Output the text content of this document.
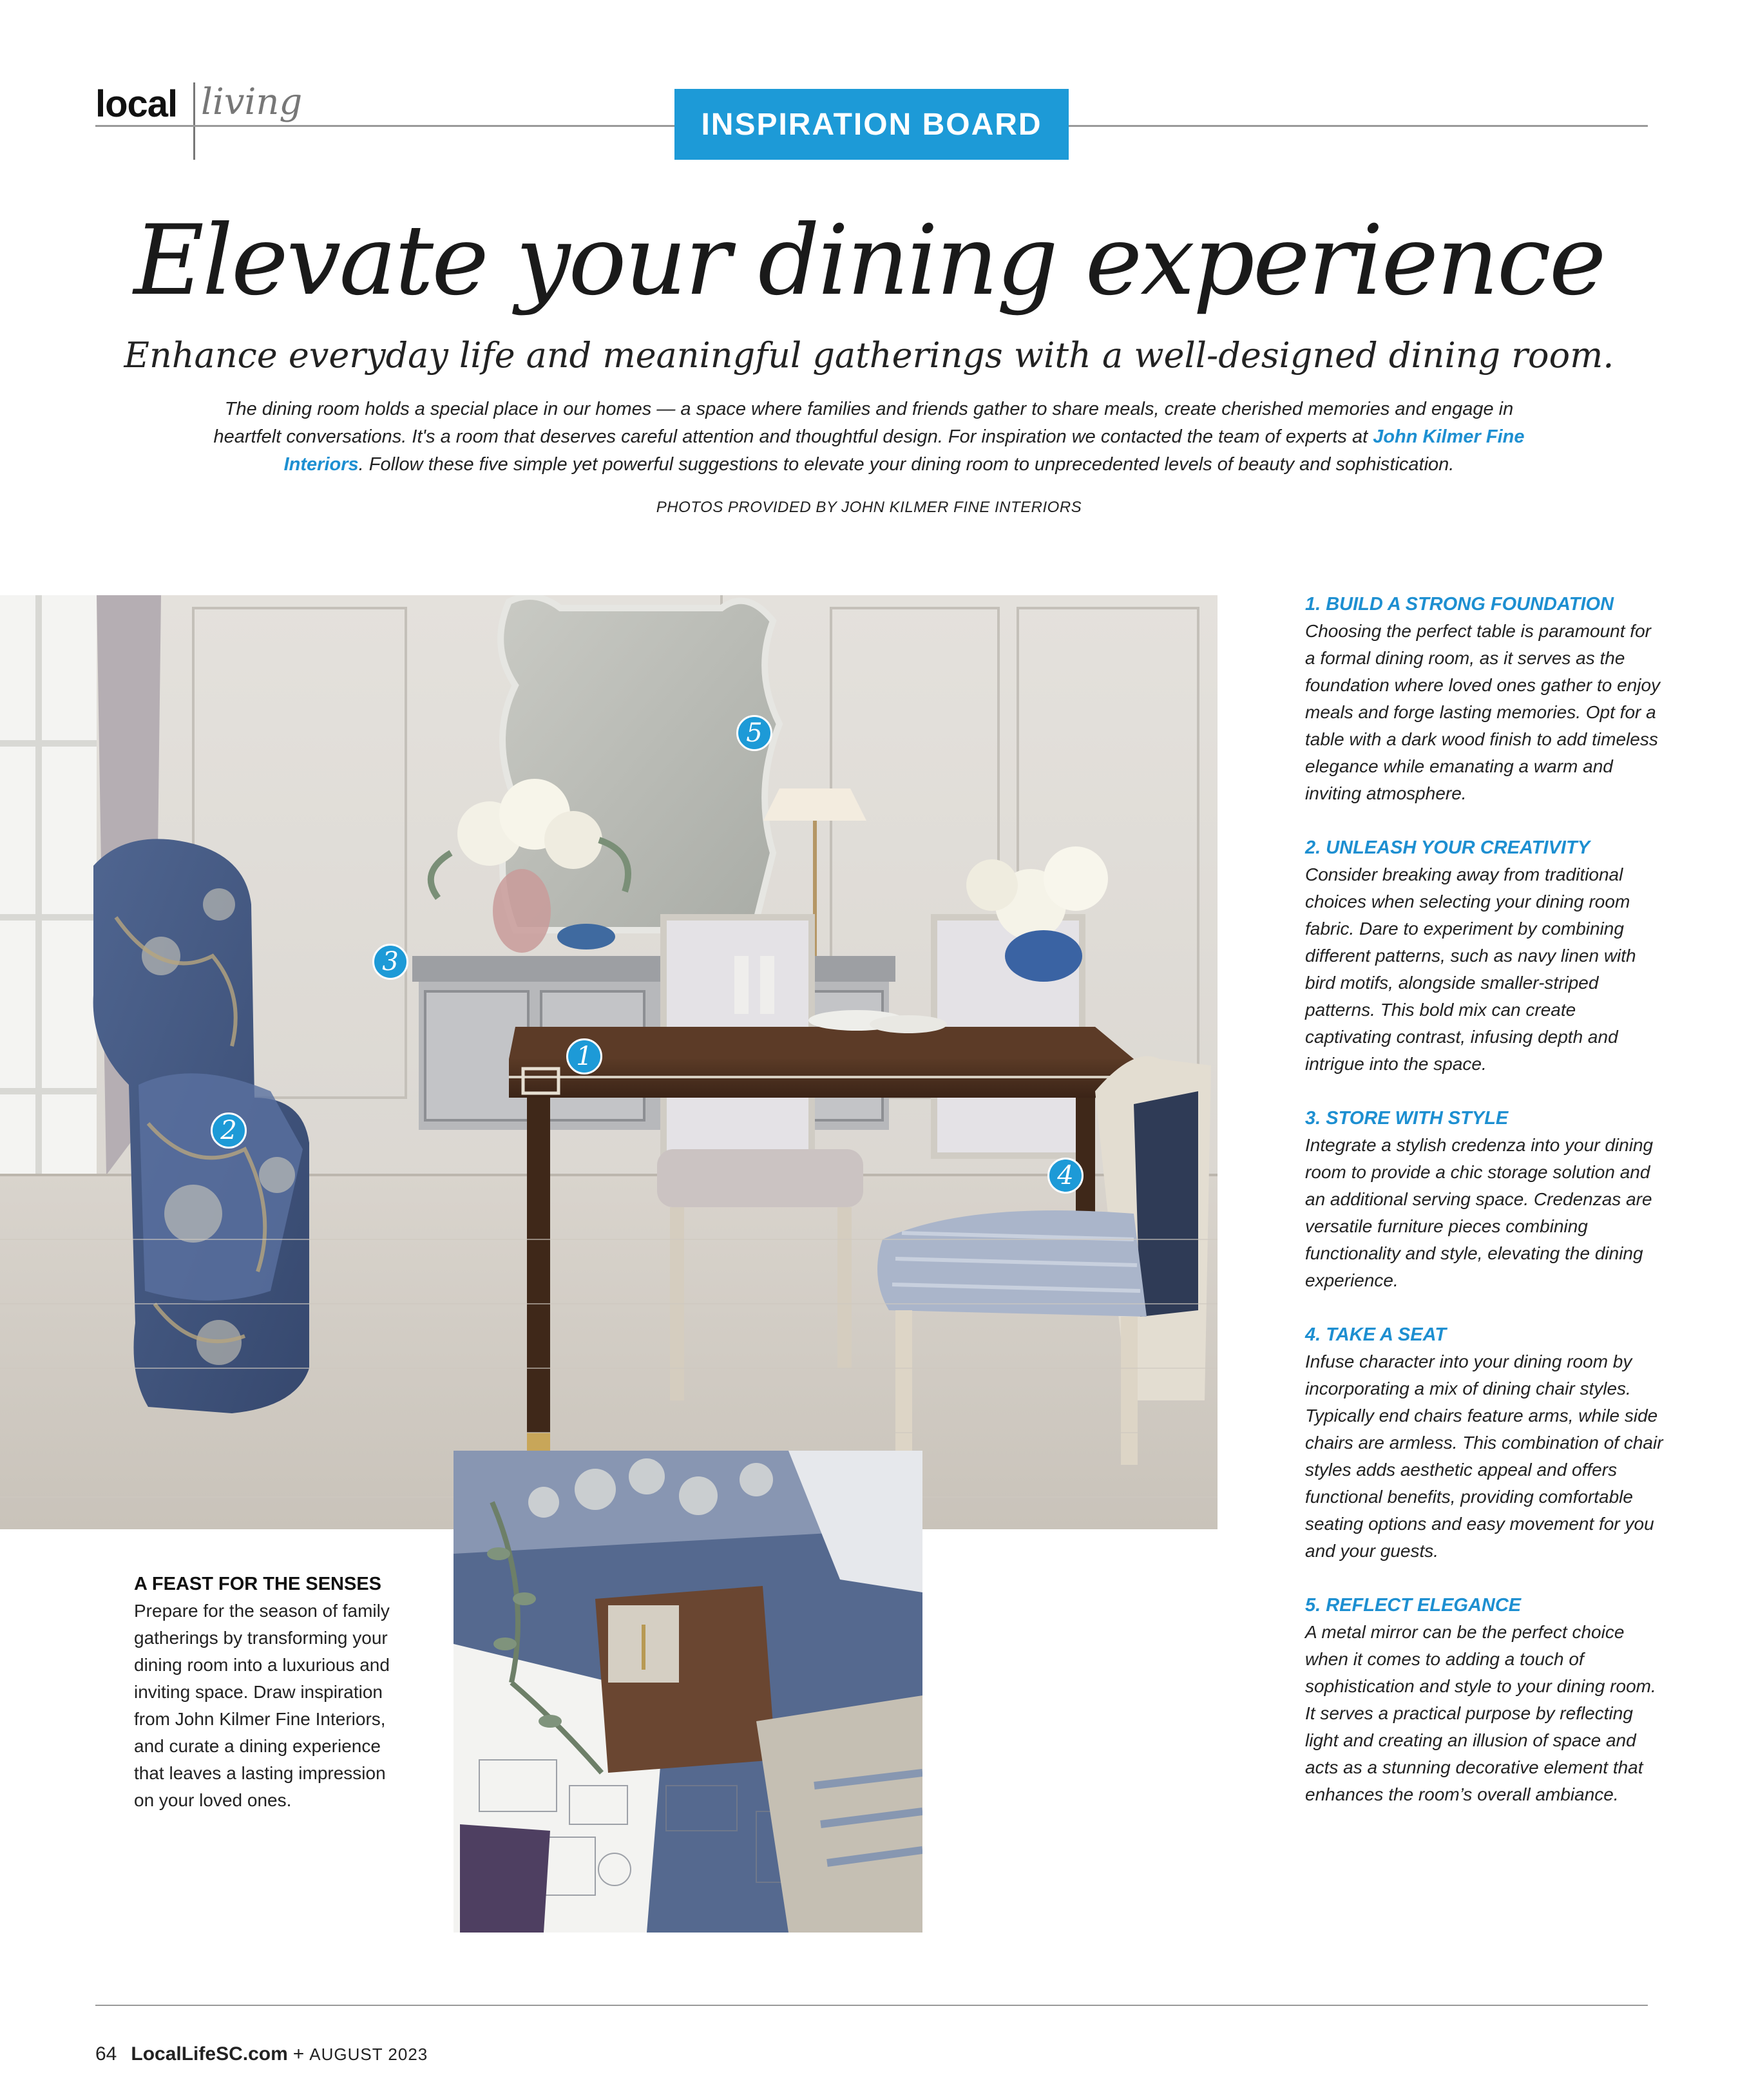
local living
INSPIRATION BOARD
Elevate your dining experience
Enhance everyday life and meaningful gatherings with a well-designed dining room.
The dining room holds a special place in our homes — a space where families and friends gather to share meals, create cherished memories and engage in heartfelt conversations. It's a room that deserves careful attention and thoughtful design. For inspiration we contacted the team of experts at John Kilmer Fine Interiors. Follow these five simple yet powerful suggestions to elevate your dining room to unprecedented levels of beauty and sophistication.
PHOTOS PROVIDED BY JOHN KILMER FINE INTERIORS
5
3
1
2
4
1. BUILD A STRONG FOUNDATION
Choosing the perfect table is paramount for a formal dining room, as it serves as the foundation where loved ones gather to enjoy meals and forge lasting memories. Opt for a table with a dark wood finish to add timeless elegance while emanating a warm and inviting atmosphere.
2. UNLEASH YOUR CREATIVITY
Consider breaking away from traditional choices when selecting your dining room fabric. Dare to experiment by combining different patterns, such as navy linen with bird motifs, alongside smaller-striped patterns. This bold mix can create captivating contrast, infusing depth and intrigue into the space.
3. STORE WITH STYLE
Integrate a stylish credenza into your dining room to provide a chic storage solution and an additional serving space. Credenzas are versatile furniture pieces combining functionality and style, elevating the dining experience.
4. TAKE A SEAT
Infuse character into your dining room by incorporating a mix of dining chair styles. Typically end chairs feature arms, while side chairs are armless. This combination of chair styles adds aesthetic appeal and offers functional benefits, providing comfortable seating options and easy movement for you and your guests.
5. REFLECT ELEGANCE
A metal mirror can be the perfect choice when it comes to adding a touch of sophistication and style to your dining room. It serves a practical purpose by reflecting light and creating an illusion of space and acts as a stunning decorative element that enhances the room’s overall ambiance.
A FEAST FOR THE SENSES
Prepare for the season of family gatherings by transforming your dining room into a luxurious and inviting space. Draw inspiration from John Kilmer Fine Interiors, and curate a dining experience that leaves a lasting impression on your loved ones.
64 LocalLifeSC.com + AUGUST 2023
